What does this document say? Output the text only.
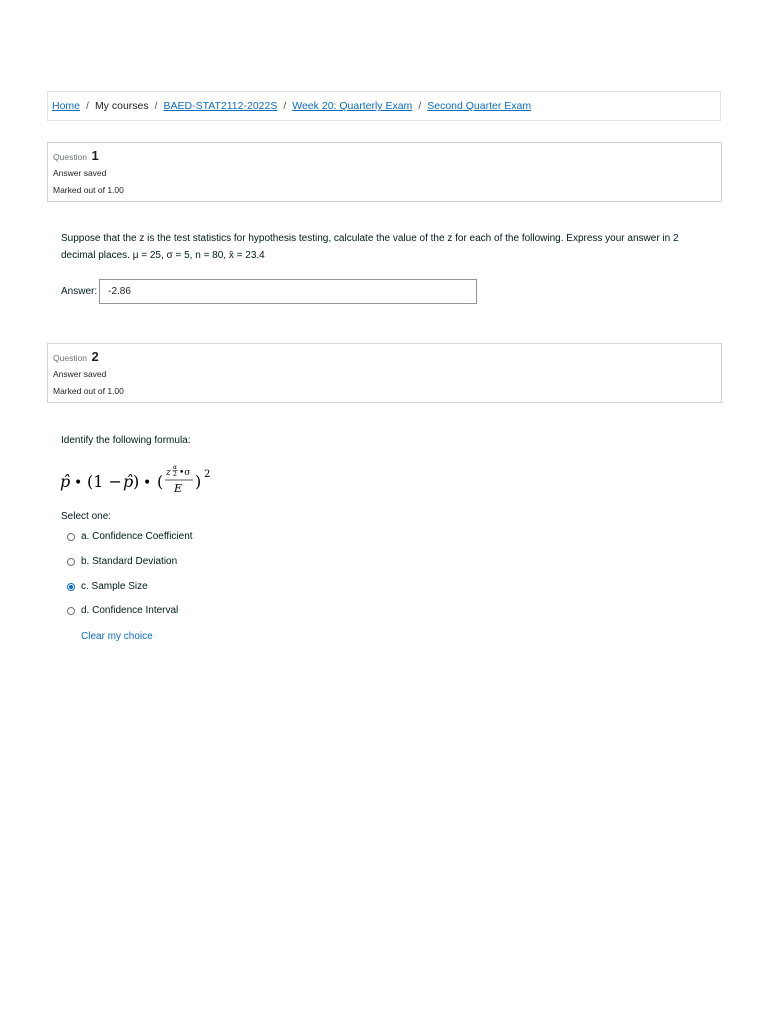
Home / My courses / BAED-STAT2112-2022S / Week 20: Quarterly Exam / Second Quarter Exam
Question 1
Answer saved
Marked out of 1.00
Suppose that the z is the test statistics for hypothesis testing, calculate the value of the z for each of the following. Express your answer in 2
decimal places. μ = 25, σ = 5, n = 80, x̄ = 23.4
Answer:
-2.86
Question 2
Answer saved
Marked out of 1.00
Identify the following formula:
p̂ • (1 − p̂ ) • ( z
α
2 •σ
E ) 2
Select one:
a. Confidence Coefficient
b. Standard Deviation
c. Sample Size
d. Confidence Interval
Clear my choice
